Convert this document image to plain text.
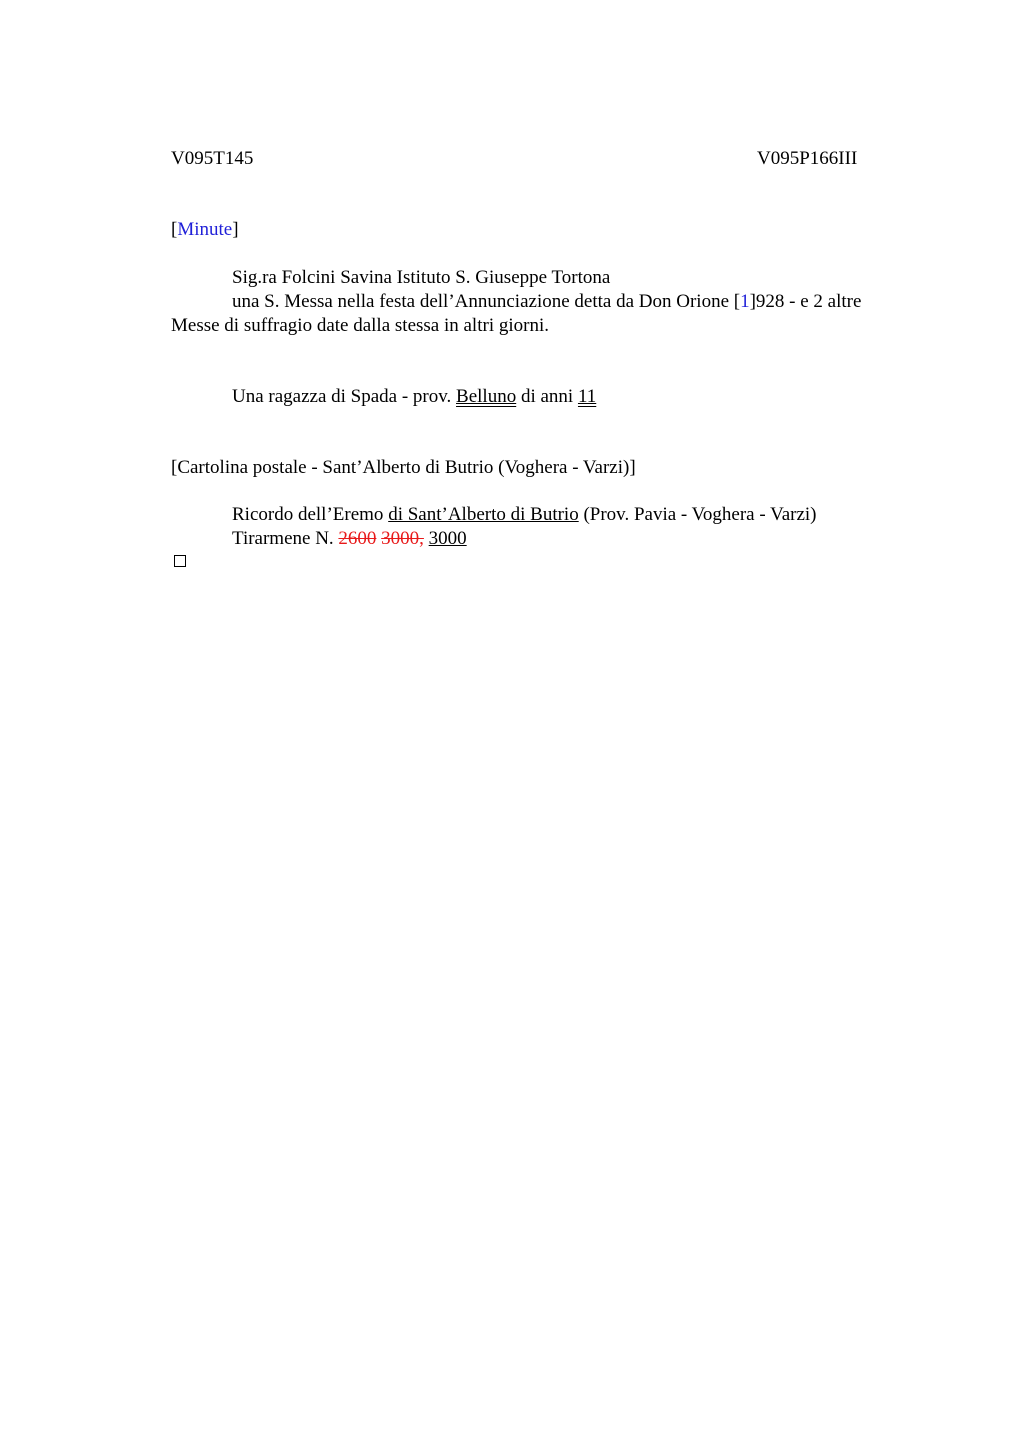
V095T145	V095P166III
[Minute]
Sig.ra Folcini Savina Istituto S. Giuseppe Tortona
una S. Messa nella festa dell’Annunciazione detta da Don Orione [1]928 - e 2 altre
Messe di suffragio date dalla stessa in altri giorni.
Una ragazza di Spada - prov. Belluno di anni 11
[Cartolina postale - Sant’Alberto di Butrio (Voghera - Varzi)]
Ricordo dell’Eremo di Sant’Alberto di Butrio (Prov. Pavia - Voghera - Varzi)
Tirarmene N. 2600 3000, 3000
